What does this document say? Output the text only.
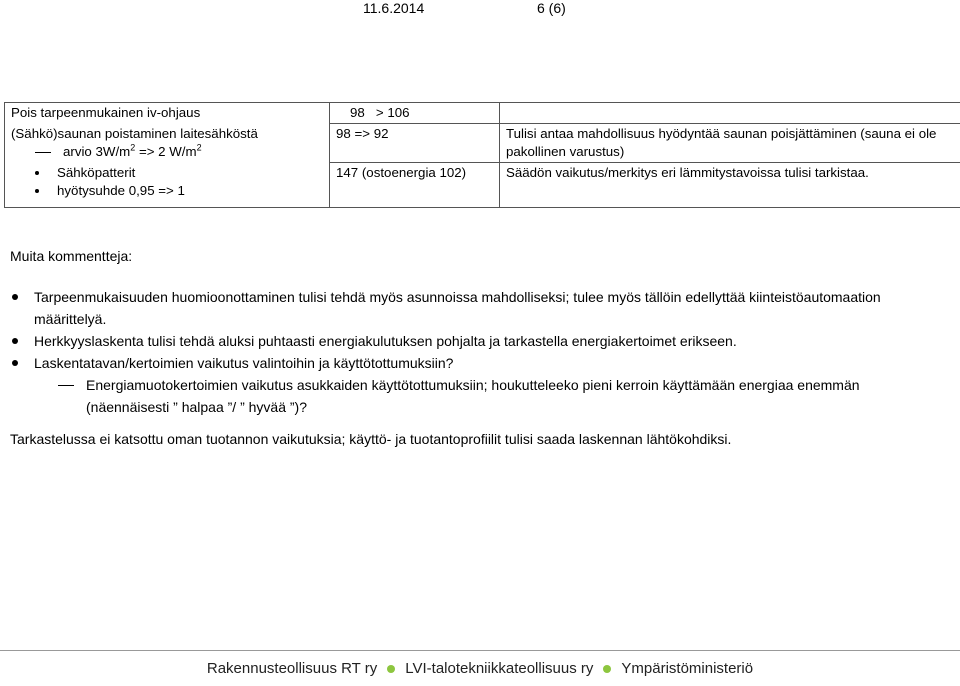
11.6.2014	6 (6)
Pois tarpeenmukainen iv-ohjaus	98   > 106	

(Sähkö)saunan poistaminen laitesähköstä
arvio $3W/m^2 => 2$ $W/m^2$	98 => 92	Tulisi antaa mahdollisuus hyödyntää saunan poisjättäminen (sauna ei ole pakollinen varustus)

Sähköpatterit
hyötysuhde 0,95 => 1	147 (ostoenergia 102)	Säädön vaikutus/merkitys eri lämmitystavoissa tulisi tarkistaa.
Muita kommentteja:
Tarpeenmukaisuuden huomioonottaminen tulisi tehdä myös asunnoissa mahdolliseksi; tulee myös tällöin edellyttää kiinteistöautomaation määrittelyä.
Herkkyyslaskenta tulisi tehdä aluksi puhtaasti energiakulutuksen pohjalta ja tarkastella energiakertoimet erikseen.
Laskentatavan/kertoimien vaikutus valintoihin ja käyttötottumuksiin?
Energiamuotokertoimien vaikutus asukkaiden käyttötottumuksiin; houkutteleeko pieni kerroin käyttämään energiaa enemmän (näennäisesti ” halpaa ”/ ” hyvää ”)?
Tarkastelussa ei katsottu oman tuotannon vaikutuksia; käyttö- ja tuotantoprofiilit tulisi saada laskennan lähtökohdiksi.
Rakennusteollisuus RT ry LVI-talotekniikkateollisuus ry Ympäristöministeriö
